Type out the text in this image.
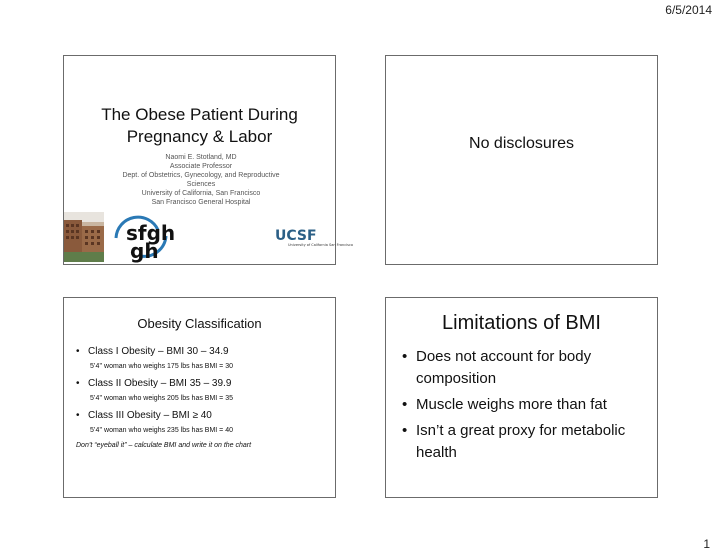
6/5/2014
The Obese Patient During
Pregnancy & Labor
Naomi E. Stotland, MD
Associate Professor
Dept. of Obstetrics, Gynecology, and Reproductive Sciences
University of California, San Francisco
San Francisco General Hospital
sfgh
gh
UCSF
University of California San Francisco
No disclosures
Obesity Classification
• Class I Obesity – BMI 30 – 34.9
5’4’’ woman who weighs 175 lbs has BMI = 30
• Class II Obesity – BMI 35 – 39.9
5’4’’ woman who weighs 205 lbs has BMI = 35
• Class III Obesity – BMI ≥ 40
5’4’’ woman who weighs 235 lbs has BMI = 40
Don’t “eyeball it” – calculate BMI and write it on the chart
Limitations of BMI
• Does not account for body composition
• Muscle weighs more than fat
• Isn’t a great proxy for metabolic health
1
